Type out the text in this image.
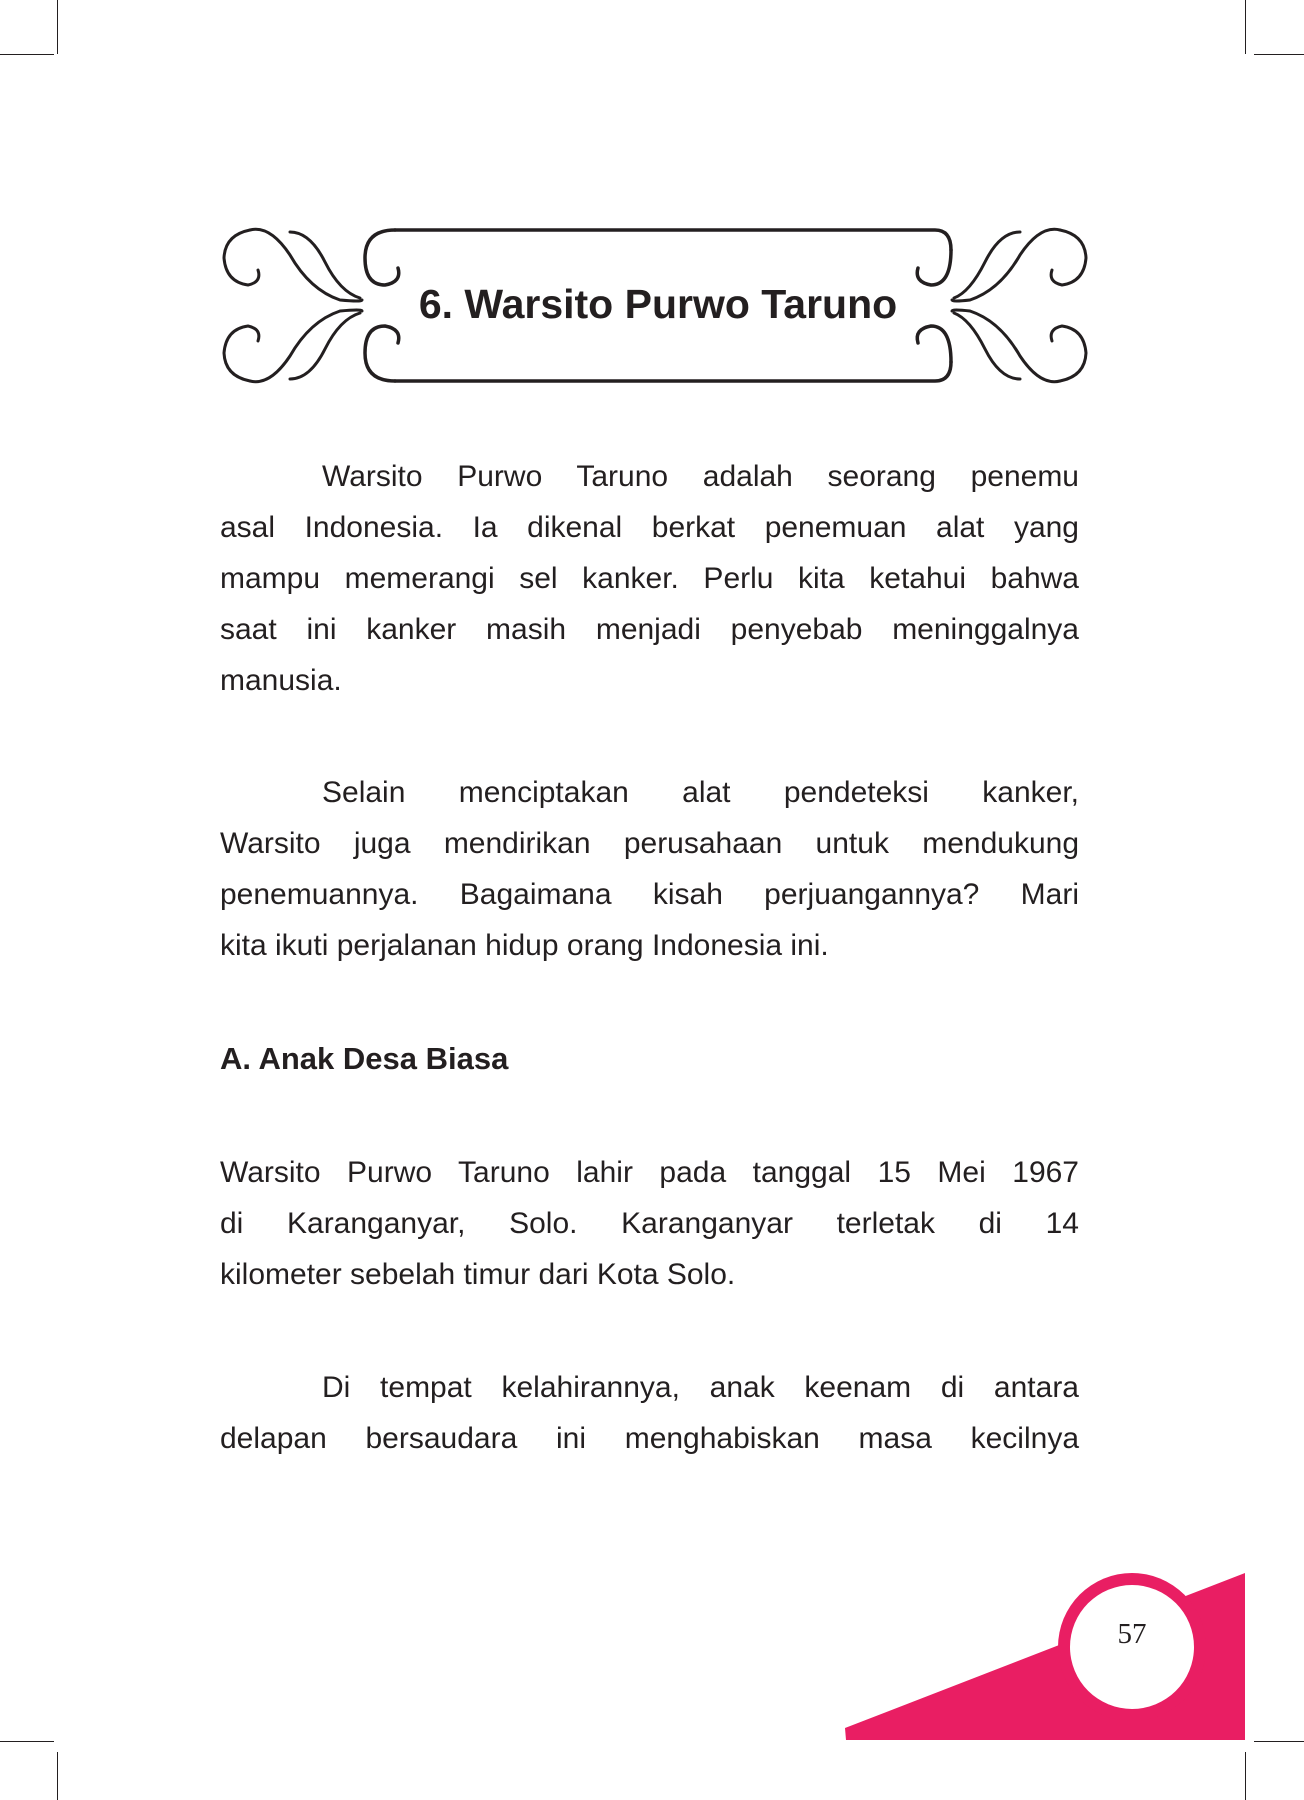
6. Warsito Purwo Taruno
Warsito Purwo Taruno adalah seorang penemu
asal Indonesia. Ia dikenal berkat penemuan alat yang
mampu memerangi sel kanker. Perlu kita ketahui bahwa
saat ini kanker masih menjadi penyebab meninggalnya
manusia.
Selain menciptakan alat pendeteksi kanker,
Warsito juga mendirikan perusahaan untuk mendukung
penemuannya. Bagaimana kisah perjuangannya? Mari
kita ikuti perjalanan hidup orang Indonesia ini.
A. Anak Desa Biasa
Warsito Purwo Taruno lahir pada tanggal 15 Mei 1967
di Karanganyar, Solo. Karanganyar terletak di 14
kilometer sebelah timur dari Kota Solo.
Di tempat kelahirannya, anak keenam di antara
delapan bersaudara ini menghabiskan masa kecilnya
57
